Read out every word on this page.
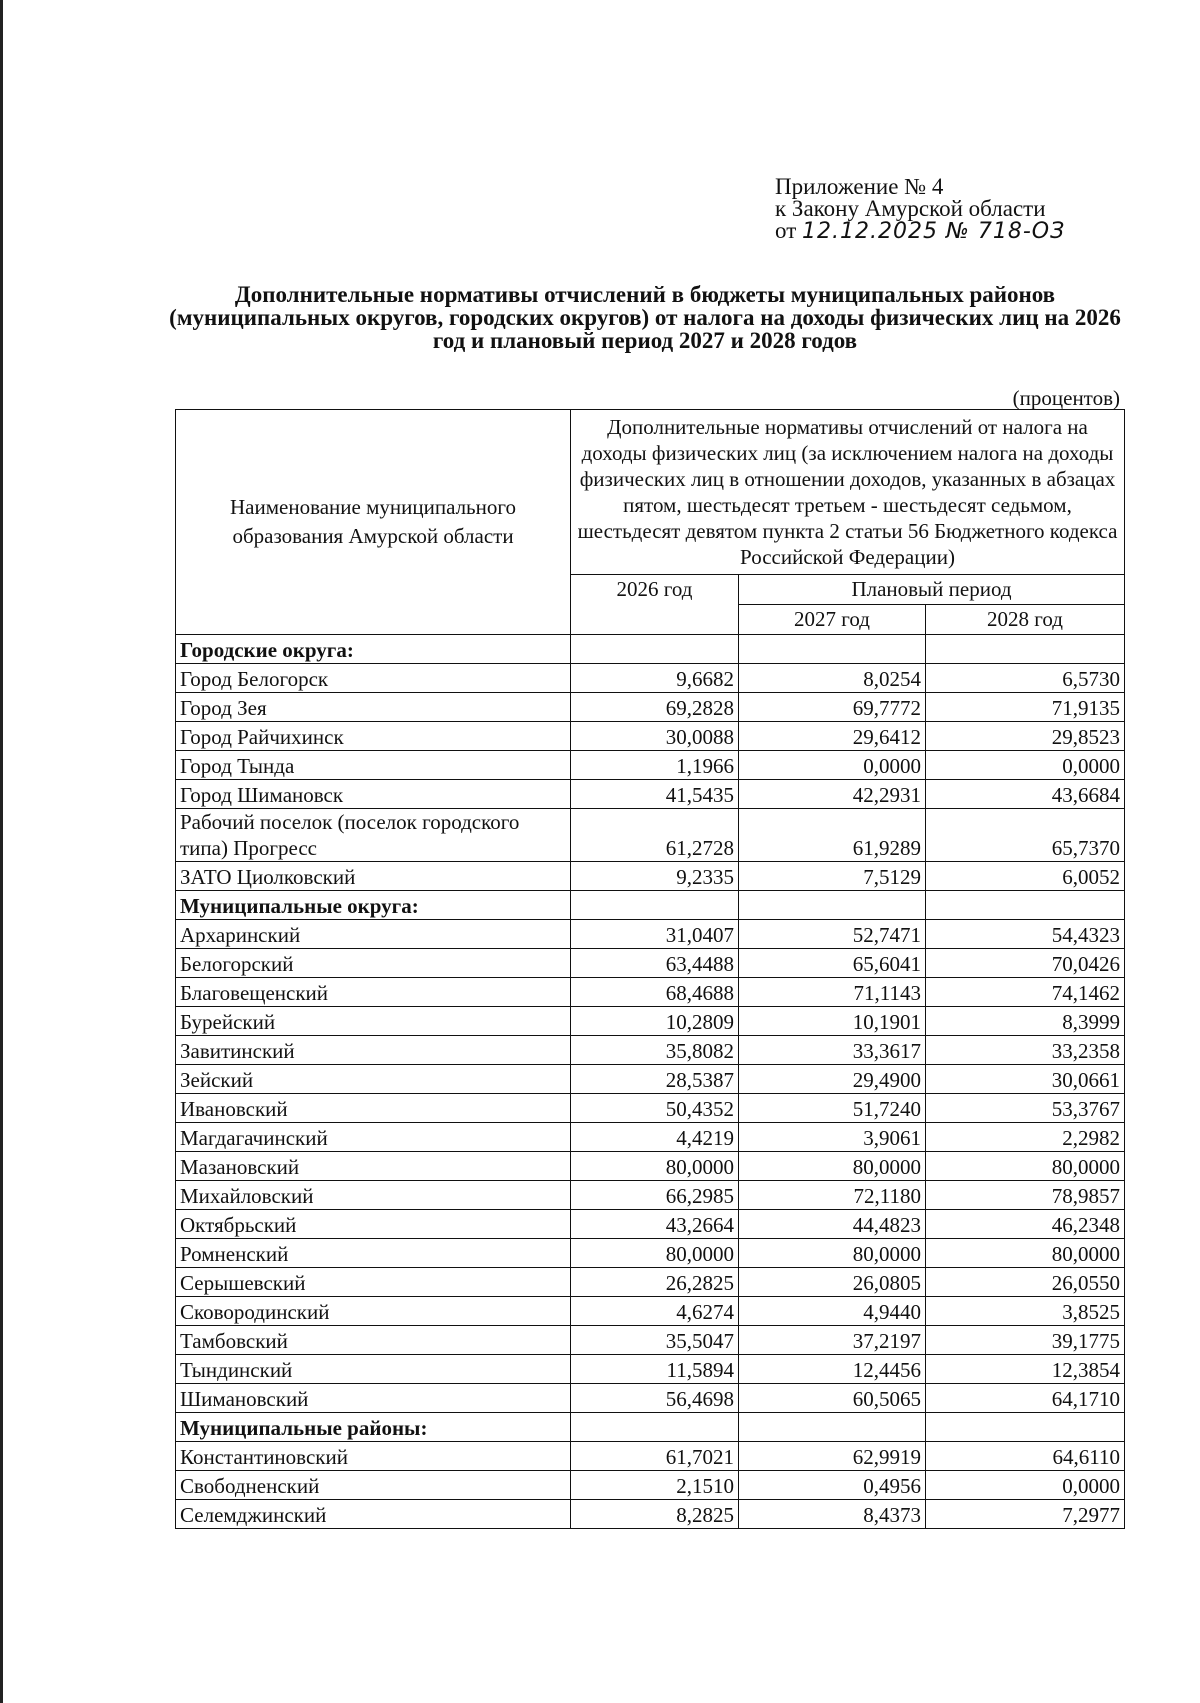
Приложение № 4
к Закону Амурской области
от 12.12.2025 № 718-ОЗ
Дополнительные нормативы отчислений в бюджеты муниципальных районов (муниципальных округов, городских округов) от налога на доходы физических лиц на 2026 год и плановый период 2027 и 2028 годов
(процентов)
Наименование муниципального образования Амурской области	Дополнительные нормативы отчислений от налога на доходы физических лиц (за исключением налога на доходы физических лиц в отношении доходов, указанных в абзацах пятом, шестьдесят третьем - шестьдесят седьмом, шестьдесят девятом пункта 2 статьи 56 Бюджетного кодекса Российской Федерации)		
	2026 год	Плановый период	
		2027 год	2028 год
Городские округа:			
Город Белогорск	9,6682	8,0254	6,5730
Город Зея	69,2828	69,7772	71,9135
Город Райчихинск	30,0088	29,6412	29,8523
Город Тында	1,1966	0,0000	0,0000
Город Шимановск	41,5435	42,2931	43,6684
Рабочий поселок (поселок городского типа) Прогресс	61,2728	61,9289	65,7370
ЗАТО Циолковский	9,2335	7,5129	6,0052
Муниципальные округа:			
Архаринский	31,0407	52,7471	54,4323
Белогорский	63,4488	65,6041	70,0426
Благовещенский	68,4688	71,1143	74,1462
Бурейский	10,2809	10,1901	8,3999
Завитинский	35,8082	33,3617	33,2358
Зейский	28,5387	29,4900	30,0661
Ивановский	50,4352	51,7240	53,3767
Магдагачинский	4,4219	3,9061	2,2982
Мазановский	80,0000	80,0000	80,0000
Михайловский	66,2985	72,1180	78,9857
Октябрьский	43,2664	44,4823	46,2348
Ромненский	80,0000	80,0000	80,0000
Серышевский	26,2825	26,0805	26,0550
Сковородинский	4,6274	4,9440	3,8525
Тамбовский	35,5047	37,2197	39,1775
Тындинский	11,5894	12,4456	12,3854
Шимановский	56,4698	60,5065	64,1710
Муниципальные районы:			
Константиновский	61,7021	62,9919	64,6110
Свободненский	2,1510	0,4956	0,0000
Селемджинский	8,2825	8,4373	7,2977
